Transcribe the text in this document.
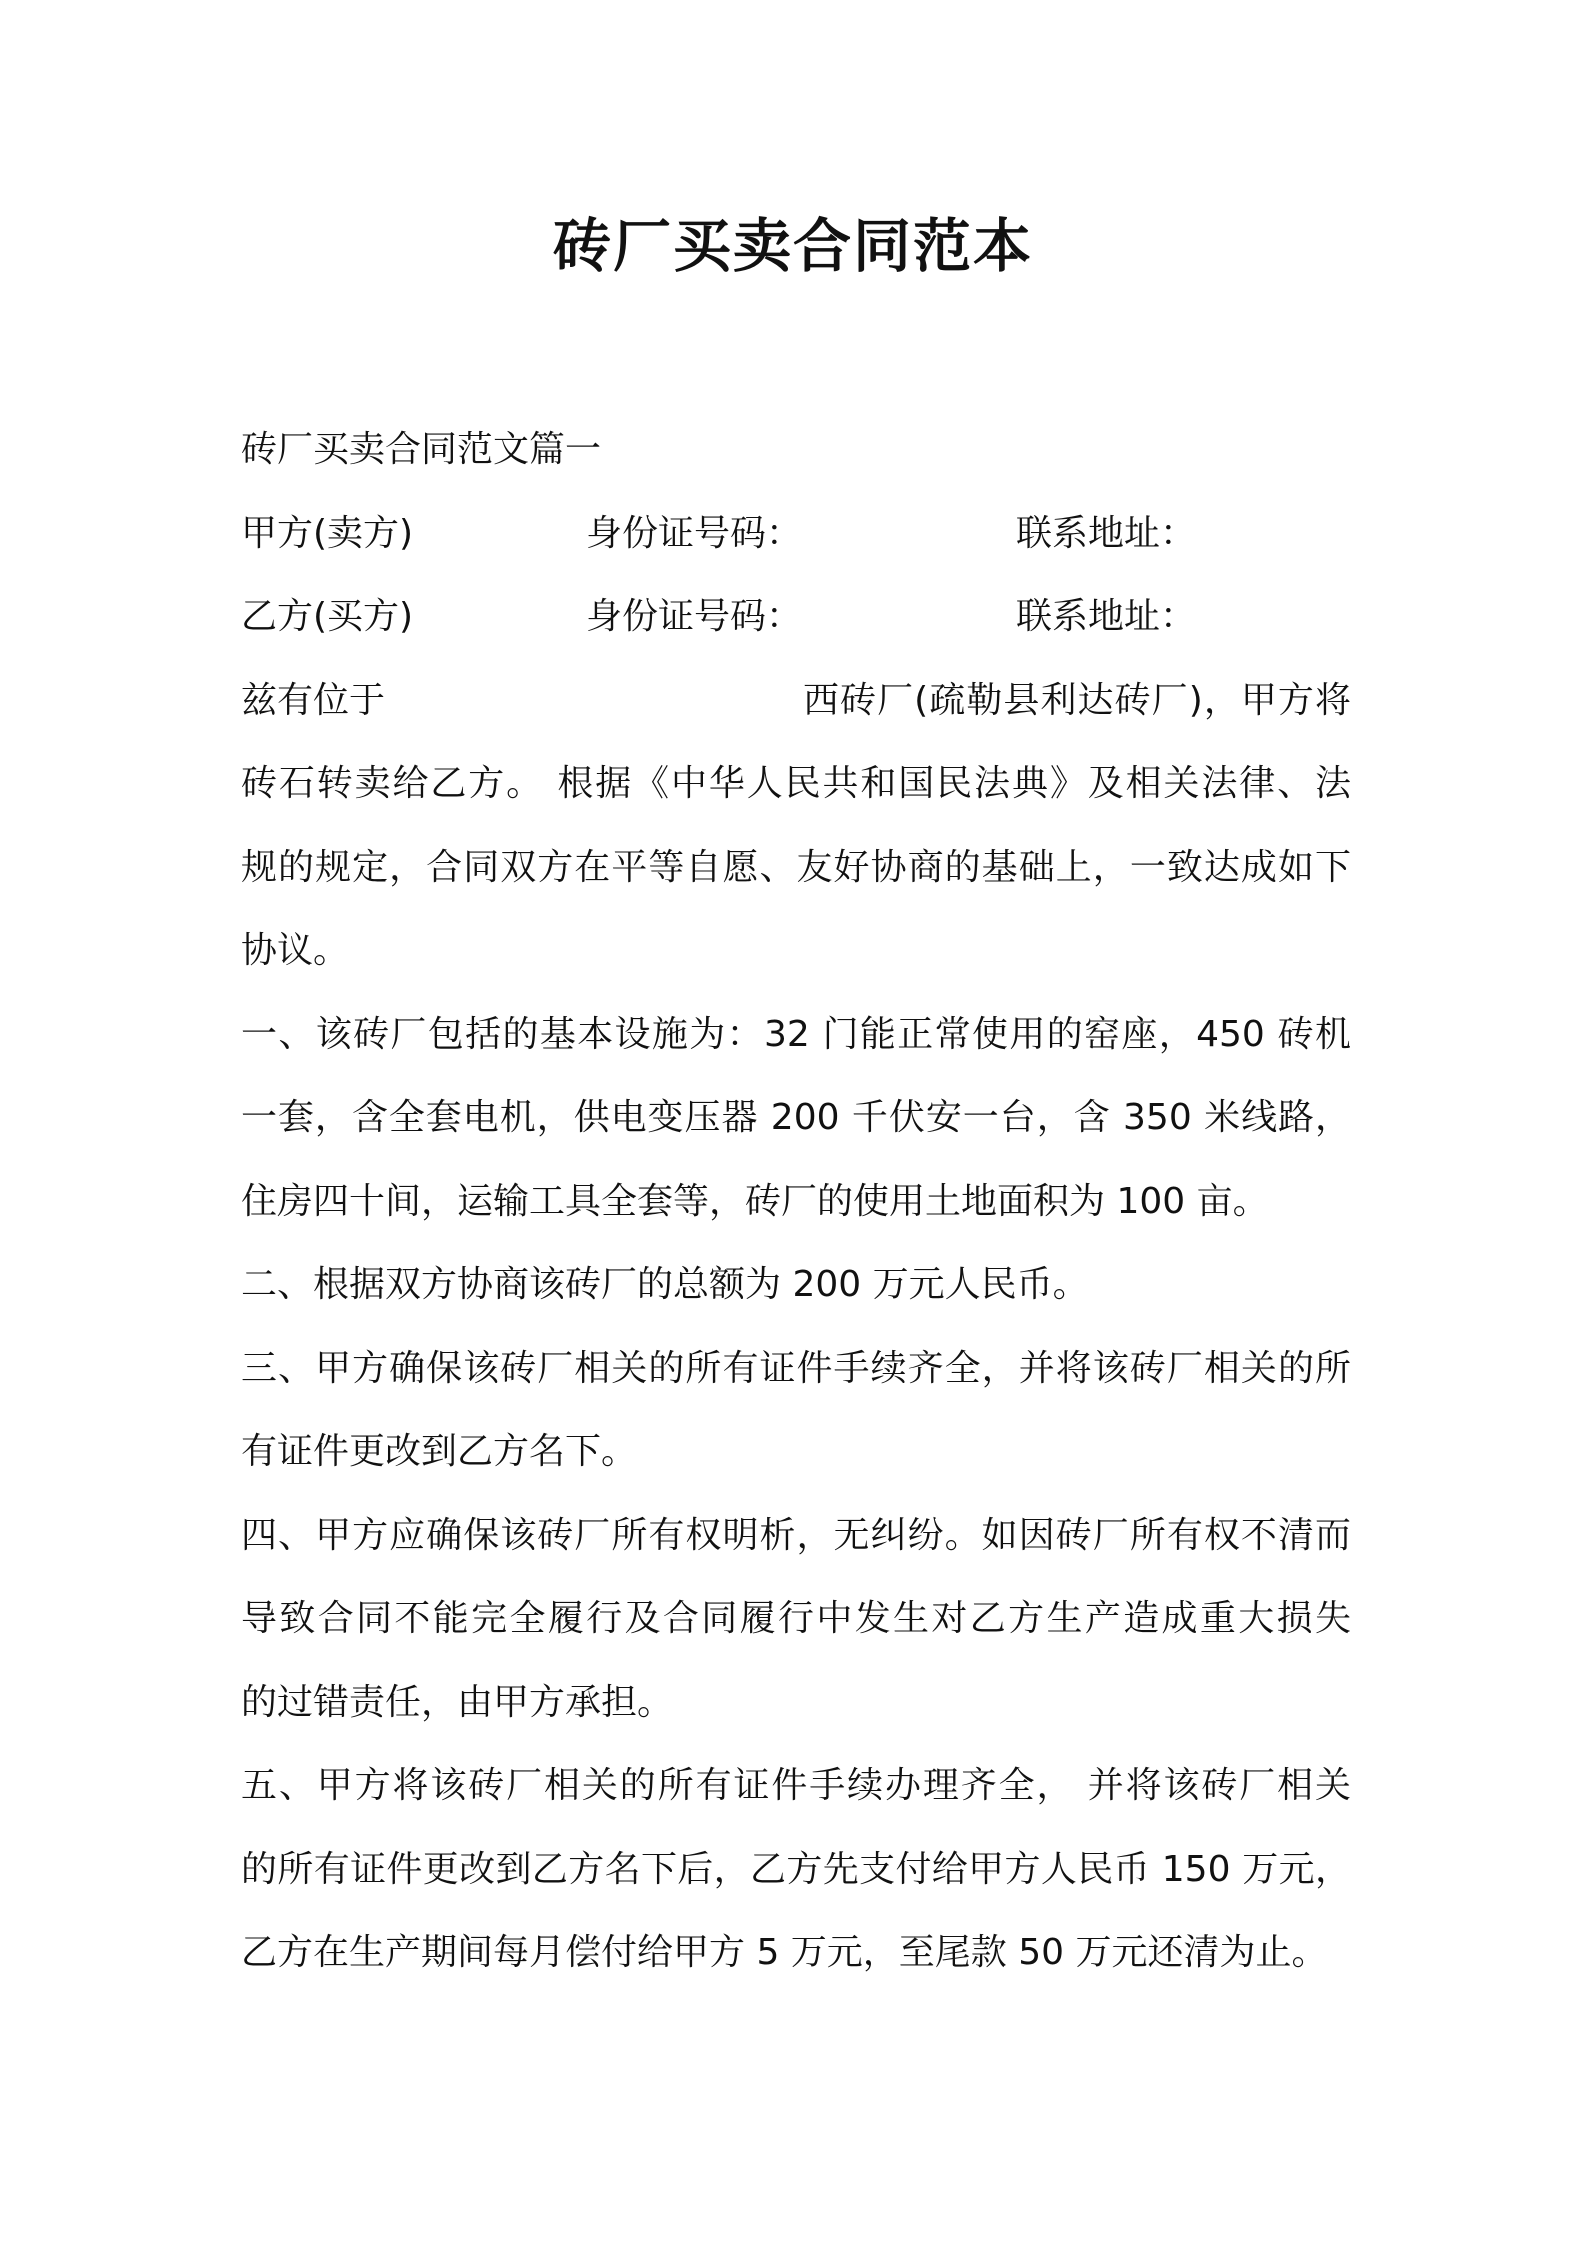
砖厂买卖合同范本
砖厂买卖合同范文篇一
甲方(卖方)	身份证号码：	联系地址：
乙方(买方)	身份证号码：	联系地址：
兹有位于	西砖厂(疏勒县利达砖厂)，甲方将
砖石转卖给乙方。 根据《中华人民共和国民法典》及相关法律、法
规的规定，合同双方在平等自愿、友好协商的基础上，一致达成如下
协议。
一、该砖厂包括的基本设施为：32 门能正常使用的窑座，450 砖机
一套，含全套电机，供电变压器 200 千伏安一台，含 350 米线路，
住房四十间，运输工具全套等，砖厂的使用土地面积为 100 亩。
二、根据双方协商该砖厂的总额为 200 万元人民币。
三、甲方确保该砖厂相关的所有证件手续齐全，并将该砖厂相关的所
有证件更改到乙方名下。
四、甲方应确保该砖厂所有权明析，无纠纷。如因砖厂所有权不清而
导致合同不能完全履行及合同履行中发生对乙方生产造成重大损失
的过错责任，由甲方承担。
五、甲方将该砖厂相关的所有证件手续办理齐全， 并将该砖厂相关
的所有证件更改到乙方名下后，乙方先支付给甲方人民币 150 万元，
乙方在生产期间每月偿付给甲方 5 万元，至尾款 50 万元还清为止。
